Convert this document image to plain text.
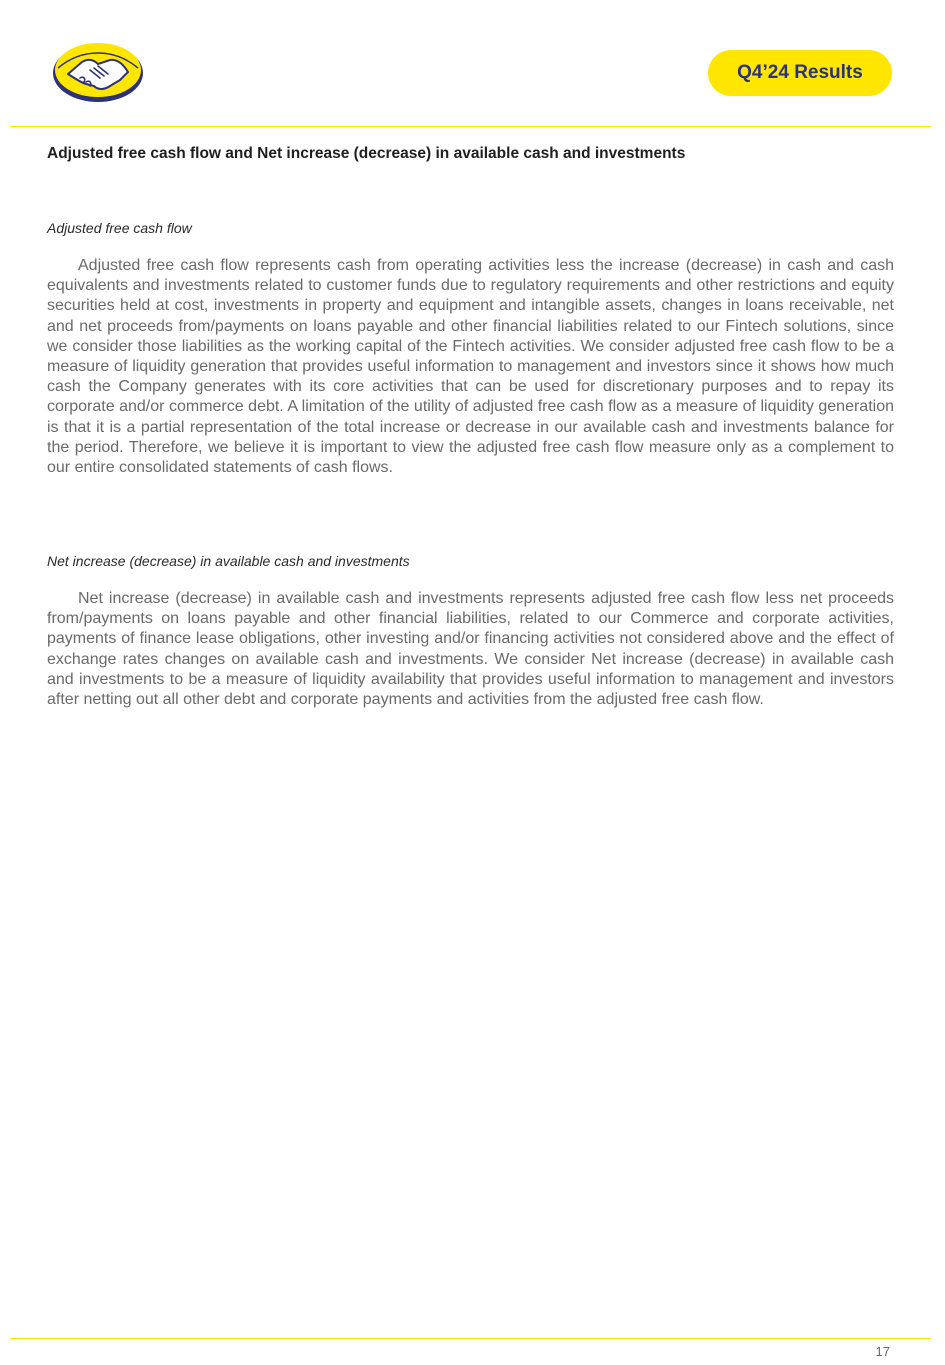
Q4’24 Results
Adjusted free cash flow and Net increase (decrease) in available cash and investments

Adjusted free cash flow

Adjusted free cash flow represents cash from operating activities less the increase (decrease) in cash and cash equivalents and investments related to customer funds due to regulatory requirements and other restrictions and equity securities held at cost, investments in property and equipment and intangible assets, changes in loans receivable, net and net proceeds from/payments on loans payable and other financial liabilities related to our Fintech solutions, since we consider those liabilities as the working capital of the Fintech activities. We consider adjusted free cash flow to be a measure of liquidity generation that provides useful information to management and investors since it shows how much cash the Company generates with its core activities that can be used for discretionary purposes and to repay its corporate and/or commerce debt. A limitation of the utility of adjusted free cash flow as a measure of liquidity generation is that it is a partial representation of the total increase or decrease in our available cash and investments balance for the period. Therefore, we believe it is important to view the adjusted free cash flow measure only as a complement to our entire consolidated statements of cash flows.

Net increase (decrease) in available cash and investments

Net increase (decrease) in available cash and investments represents adjusted free cash flow less net proceeds from/payments on loans payable and other financial liabilities, related to our Commerce and corporate activities, payments of finance lease obligations, other investing and/or financing activities not considered above and the effect of exchange rates changes on available cash and investments. We consider Net increase (decrease) in available cash and investments to be a measure of liquidity availability that provides useful information to management and investors after netting out all other debt and corporate payments and activities from the adjusted free cash flow.

17
